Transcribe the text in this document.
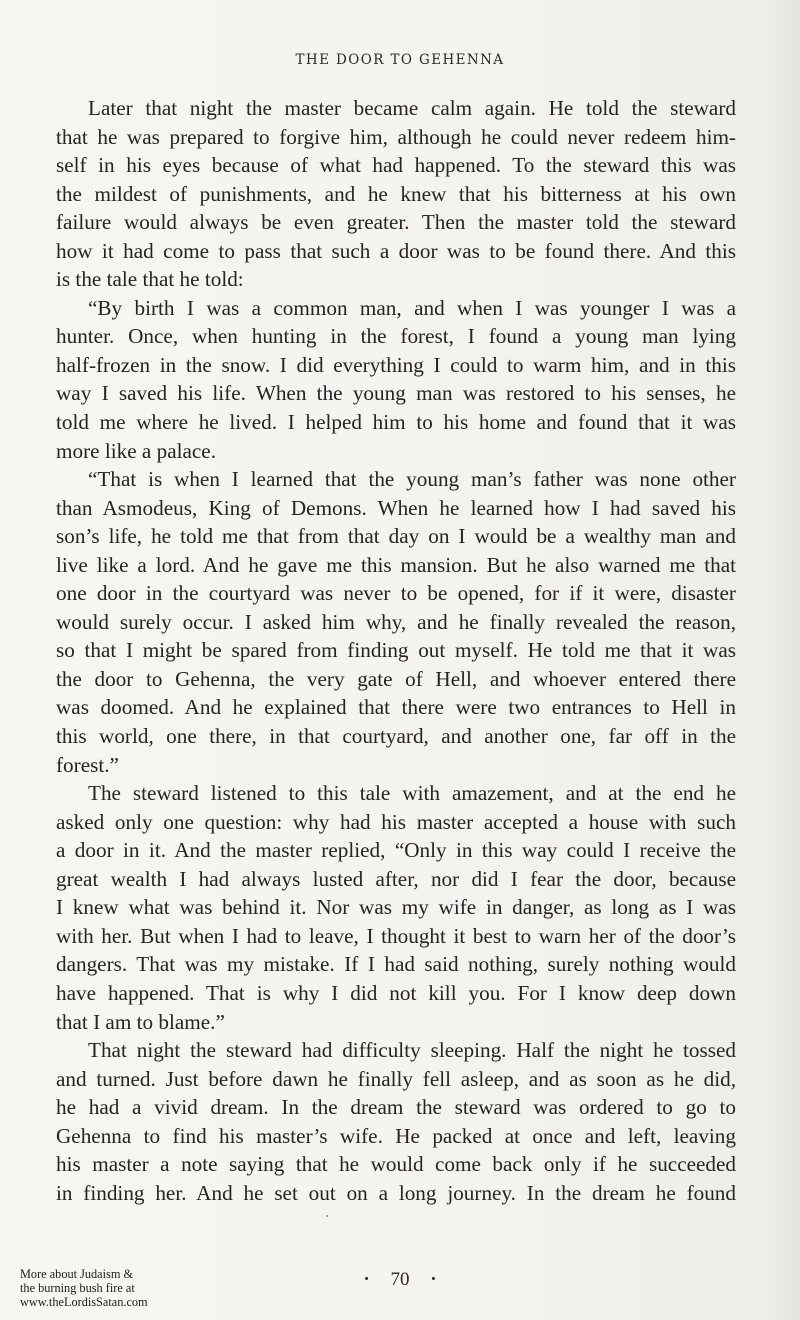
THE DOOR TO GEHENNA
Later that night the master became calm again. He told the steward
that he was prepared to forgive him, although he could never redeem him-
self in his eyes because of what had happened. To the steward this was
the mildest of punishments, and he knew that his bitterness at his own
failure would always be even greater. Then the master told the steward
how it had come to pass that such a door was to be found there. And this
is the tale that he told:
“By birth I was a common man, and when I was younger I was a
hunter. Once, when hunting in the forest, I found a young man lying
half-frozen in the snow. I did everything I could to warm him, and in this
way I saved his life. When the young man was restored to his senses, he
told me where he lived. I helped him to his home and found that it was
more like a palace.
“That is when I learned that the young man’s father was none other
than Asmodeus, King of Demons. When he learned how I had saved his
son’s life, he told me that from that day on I would be a wealthy man and
live like a lord. And he gave me this mansion. But he also warned me that
one door in the courtyard was never to be opened, for if it were, disaster
would surely occur. I asked him why, and he finally revealed the reason,
so that I might be spared from finding out myself. He told me that it was
the door to Gehenna, the very gate of Hell, and whoever entered there
was doomed. And he explained that there were two entrances to Hell in
this world, one there, in that courtyard, and another one, far off in the
forest.”
The steward listened to this tale with amazement, and at the end he
asked only one question: why had his master accepted a house with such
a door in it. And the master replied, “Only in this way could I receive the
great wealth I had always lusted after, nor did I fear the door, because
I knew what was behind it. Nor was my wife in danger, as long as I was
with her. But when I had to leave, I thought it best to warn her of the door’s
dangers. That was my mistake. If I had said nothing, surely nothing would
have happened. That is why I did not kill you. For I know deep down
that I am to blame.”
That night the steward had difficulty sleeping. Half the night he tossed
and turned. Just before dawn he finally fell asleep, and as soon as he did,
he had a vivid dream. In the dream the steward was ordered to go to
Gehenna to find his master’s wife. He packed at once and left, leaving
his master a note saying that he would come back only if he succeeded
in finding her. And he set out on a long journey. In the dream he found
· 70 ·
More about Judaism &
the burning bush fire at
www.theLordisSatan.com
